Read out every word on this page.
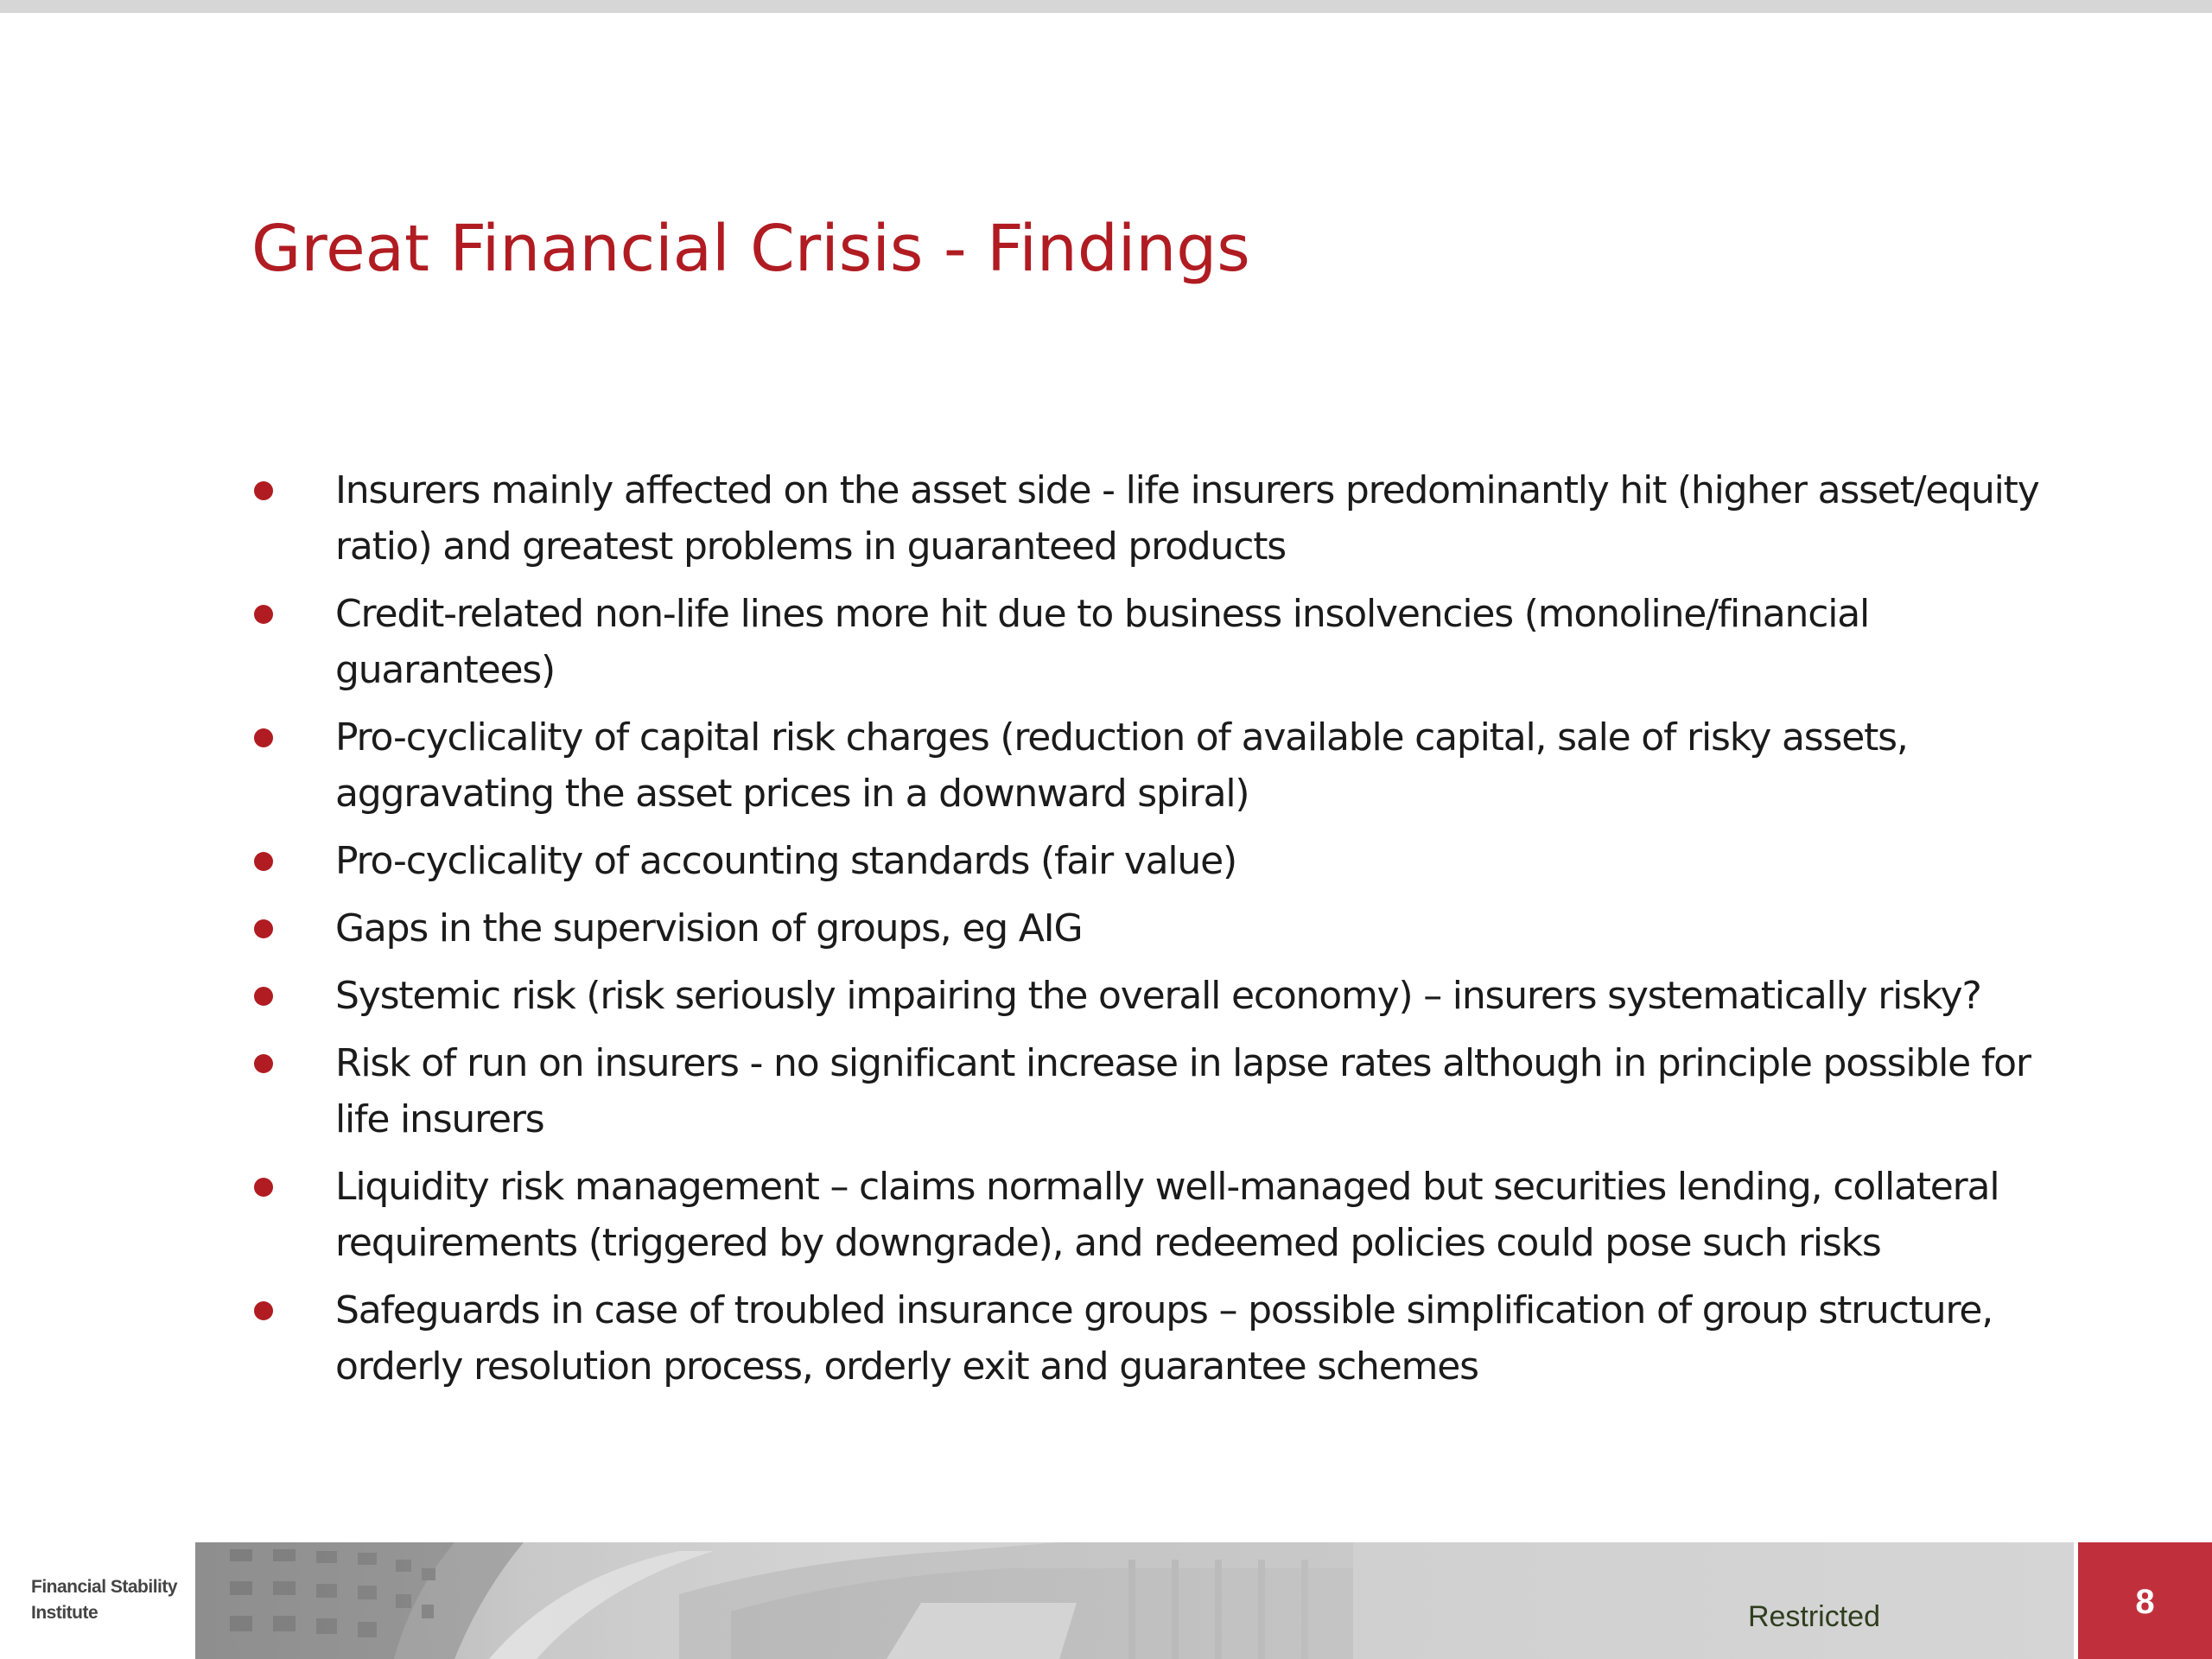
Great Financial Crisis - Findings
Insurers mainly affected on the asset side - life insurers predominantly hit (higher asset/equity ratio) and greatest problems in guaranteed products
Credit-related non-life lines more hit due to business insolvencies (monoline/financial guarantees)
Pro-cyclicality of capital risk charges (reduction of available capital, sale of risky assets, aggravating the asset prices in a downward spiral)
Pro-cyclicality of accounting standards (fair value)
Gaps in the supervision of groups, eg AIG
Systemic risk (risk seriously impairing the overall economy) – insurers systematically risky?
Risk of run on insurers - no significant increase in lapse rates although in principle possible for life insurers
Liquidity risk management – claims normally well-managed but securities lending, collateral requirements (triggered by downgrade), and redeemed policies could pose such risks
Safeguards in case of troubled insurance groups – possible simplification of group structure, orderly resolution process, orderly exit and guarantee schemes
Financial Stability
Institute	Restricted	8
